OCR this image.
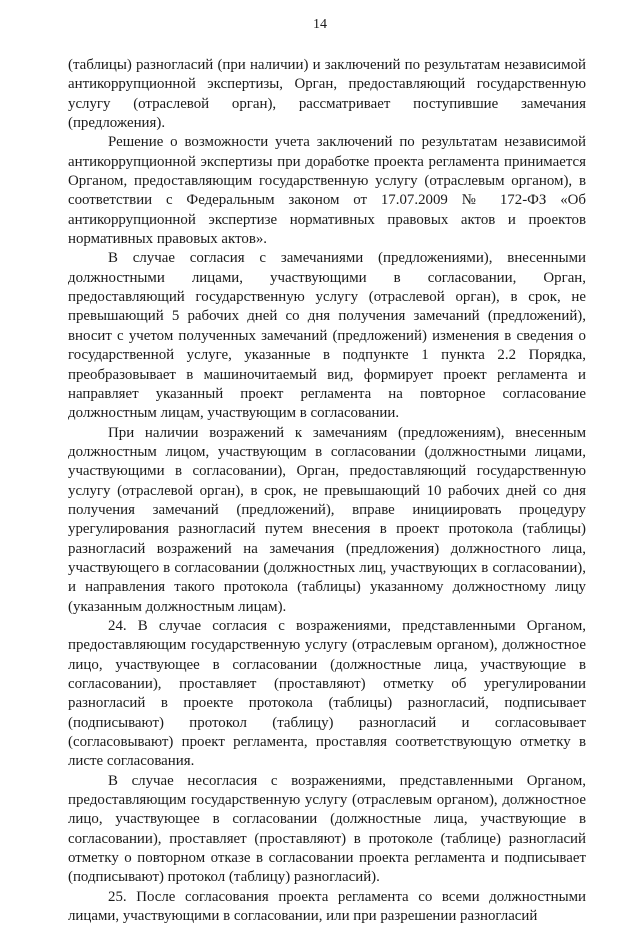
14

(таблицы) разногласий (при наличии) и заключений по результатам независимой антикоррупционной экспертизы, Орган, предоставляющий государственную услугу (отраслевой орган), рассматривает поступившие замечания (предложения).

Решение о возможности учета заключений по результатам независимой антикоррупционной экспертизы при доработке проекта регламента принимается Органом, предоставляющим государственную услугу (отраслевым органом), в соответствии с Федеральным законом от 17.07.2009 № 172-ФЗ «Об антикоррупционной экспертизе нормативных правовых актов и проектов нормативных правовых актов».

В случае согласия с замечаниями (предложениями), внесенными должностными лицами, участвующими в согласовании, Орган, предоставляющий государственную услугу (отраслевой орган), в срок, не превышающий 5 рабочих дней со дня получения замечаний (предложений), вносит с учетом полученных замечаний (предложений) изменения в сведения о государственной услуге, указанные в подпункте 1 пункта 2.2 Порядка, преобразовывает в машиночитаемый вид, формирует проект регламента и направляет указанный проект регламента на повторное согласование должностным лицам, участвующим в согласовании.

При наличии возражений к замечаниям (предложениям), внесенным должностным лицом, участвующим в согласовании (должностными лицами, участвующими в согласовании), Орган, предоставляющий государственную услугу (отраслевой орган), в срок, не превышающий 10 рабочих дней со дня получения замечаний (предложений), вправе инициировать процедуру урегулирования разногласий путем внесения в проект протокола (таблицы) разногласий возражений на замечания (предложения) должностного лица, участвующего в согласовании (должностных лиц, участвующих в согласовании), и направления такого протокола (таблицы) указанному должностному лицу (указанным должностным лицам).

24. В случае согласия с возражениями, представленными Органом, предоставляющим государственную услугу (отраслевым органом), должностное лицо, участвующее в согласовании (должностные лица, участвующие в согласовании), проставляет (проставляют) отметку об урегулировании разногласий в проекте протокола (таблицы) разногласий, подписывает (подписывают) протокол (таблицу) разногласий и согласовывает (согласовывают) проект регламента, проставляя соответствующую отметку в листе согласования.

В случае несогласия с возражениями, представленными Органом, предоставляющим государственную услугу (отраслевым органом), должностное лицо, участвующее в согласовании (должностные лица, участвующие в согласовании), проставляет (проставляют) в протоколе (таблице) разногласий отметку о повторном отказе в согласовании проекта регламента и подписывает (подписывают) протокол (таблицу) разногласий).

25. После согласования проекта регламента со всеми должностными лицами, участвующими в согласовании, или при разрешении разногласий
